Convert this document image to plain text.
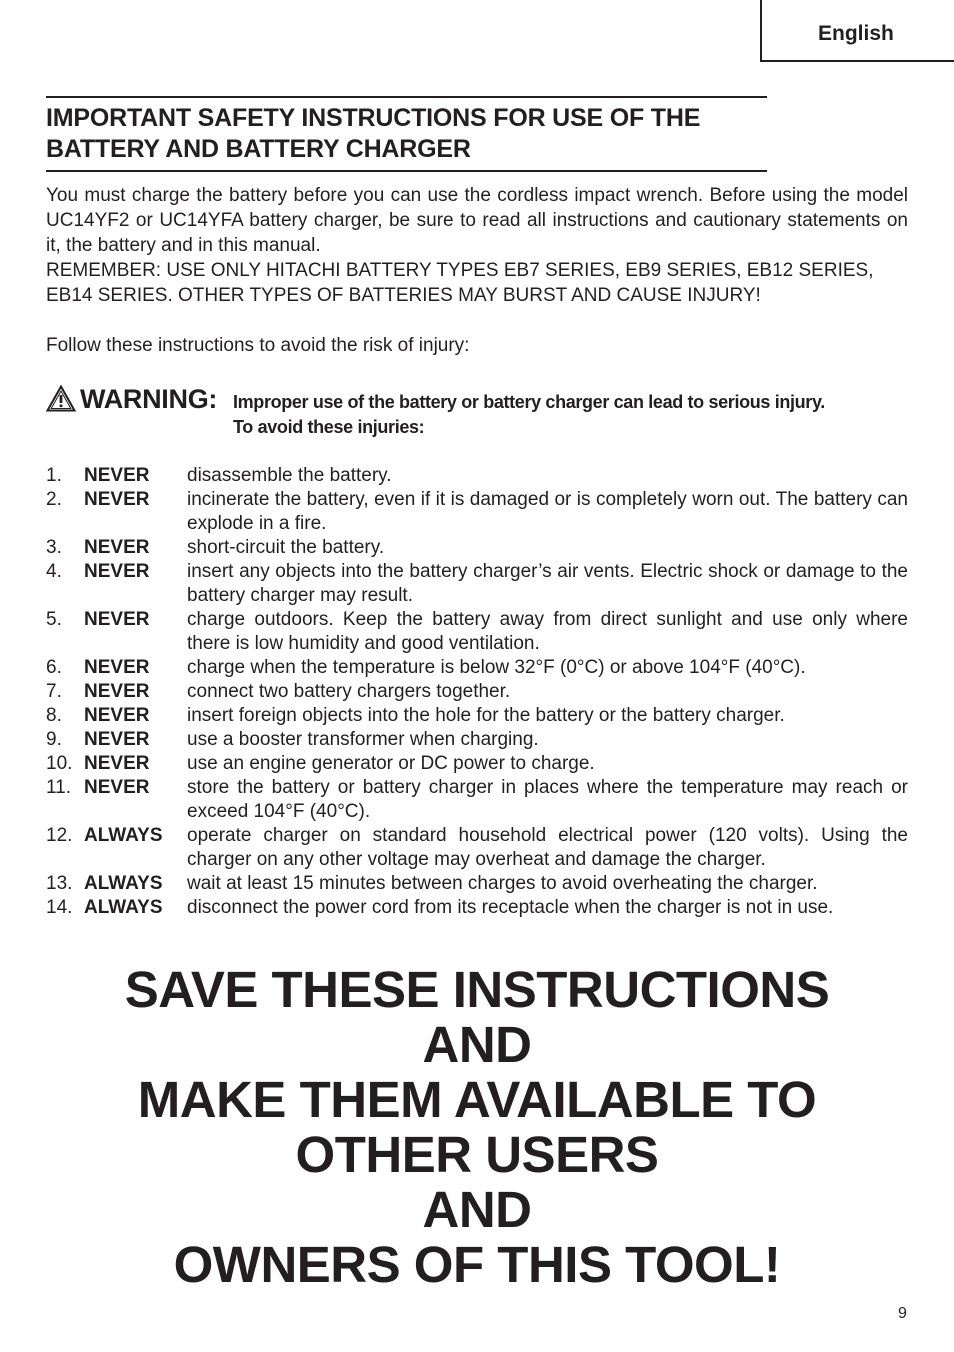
English
IMPORTANT SAFETY INSTRUCTIONS FOR USE OF THE
BATTERY AND BATTERY CHARGER

You must charge the battery before you can use the cordless impact wrench. Before using the model UC14YF2 or UC14YFA battery charger, be sure to read all instructions and cautionary statements on it, the battery and in this manual.

REMEMBER: USE ONLY HITACHI BATTERY TYPES EB7 SERIES, EB9 SERIES, EB12 SERIES, EB14 SERIES. OTHER TYPES OF BATTERIES MAY BURST AND CAUSE INJURY!

Follow these instructions to avoid the risk of injury:

WARNING: Improper use of the battery or battery charger can lead to serious injury.
To avoid these injuries:
1. NEVER disassemble the battery.
2. NEVER incinerate the battery, even if it is damaged or is completely worn out. The battery can explode in a fire.
3. NEVER short-circuit the battery.
4. NEVER insert any objects into the battery charger’s air vents. Electric shock or damage to the battery charger may result.
5. NEVER charge outdoors. Keep the battery away from direct sunlight and use only where there is low humidity and good ventilation.
6. NEVER charge when the temperature is below 32°F (0°C) or above 104°F (40°C).
7. NEVER connect two battery chargers together.
8. NEVER insert foreign objects into the hole for the battery or the battery charger.
9. NEVER use a booster transformer when charging.
10. NEVER use an engine generator or DC power to charge.
11. NEVER store the battery or battery charger in places where the temperature may reach or exceed 104°F (40°C).
12. ALWAYS operate charger on standard household electrical power (120 volts). Using the charger on any other voltage may overheat and damage the charger.
13. ALWAYS wait at least 15 minutes between charges to avoid overheating the charger.
14. ALWAYS disconnect the power cord from its receptacle when the charger is not in use.
SAVE THESE INSTRUCTIONS
AND
MAKE THEM AVAILABLE TO
OTHER USERS
AND
OWNERS OF THIS TOOL!
9
